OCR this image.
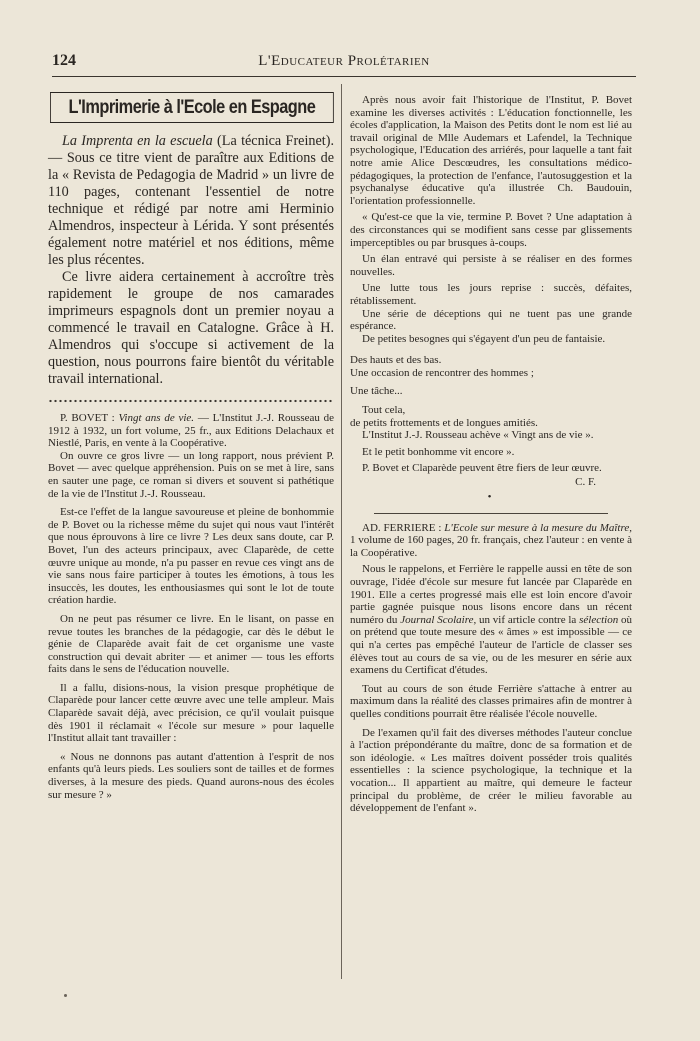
124	L'Educateur Prolétarien
L'Imprimerie à l'Ecole en Espagne

La Imprenta en la escuela (La técnica Freinet). — Sous ce titre vient de paraître aux Editions de la « Revista de Pedagogia de Madrid » un livre de 110 pages, contenant l'essentiel de notre technique et rédigé par notre ami Herminio Almendros, inspecteur à Lérida. Y sont présentés également notre matériel et nos éditions, même les plus récentes.

Ce livre aidera certainement à accroître très rapidement le groupe de nos camarades imprimeurs espagnols dont un premier noyau a commencé le travail en Catalogne. Grâce à H. Almendros qui s'occupe si activement de la question, nous pourrons faire bientôt du véritable travail international.

P. BOVET : Vingt ans de vie. — L'Institut J.-J. Rousseau de 1912 à 1932, un fort volume, 25 fr., aux Editions Delachaux et Niestlé, Paris, en vente à la Coopérative.

On ouvre ce gros livre — un long rapport, nous prévient P. Bovet — avec quelque appréhension. Puis on se met à lire, sans en sauter une page, ce roman si divers et souvent si pathétique de la vie de l'Institut J.-J. Rousseau.

Est-ce l'effet de la langue savoureuse et pleine de bonhommie de P. Bovet ou la richesse même du sujet qui nous vaut l'intérêt que nous éprouvons à lire ce livre ? Les deux sans doute, car P. Bovet, l'un des acteurs principaux, avec Claparède, de cette œuvre unique au monde, n'a pu passer en revue ces vingt ans de vie sans nous faire participer à toutes les émotions, à tous les insuccès, les doutes, les enthousiasmes qui sont le lot de toute création hardie.

On ne peut pas résumer ce livre. En le lisant, on passe en revue toutes les branches de la pédagogie, car dès le début le génie de Claparède avait fait de cet organisme une vaste construction qui devait abriter — et animer — tous les efforts faits dans le sens de l'éducation nouvelle.

Il a fallu, disions-nous, la vision presque prophétique de Claparède pour lancer cette œuvre avec une telle ampleur. Mais Claparède savait déjà, avec précision, ce qu'il voulait puisque dès 1901 il réclamait « l'école sur mesure » pour laquelle l'Institut allait tant travailler :

« Nous ne donnons pas autant d'attention à l'esprit de nos enfants qu'à leurs pieds. Les souliers sont de tailles et de formes diverses, à la mesure des pieds. Quand aurons-nous des écoles sur mesure ? »

Après nous avoir fait l'historique de l'Institut, P. Bovet examine les diverses activités : L'éducation fonctionnelle, les écoles d'application, la Maison des Petits dont le nom est lié au travail original de Mlle Audemars et Lafendel, la Technique psychologique, l'Education des arriérés, pour laquelle a tant fait notre amie Alice Descœudres, les consultations médico-pédagogiques, la protection de l'enfance, l'autosuggestion et la psychanalyse éducative qu'a illustrée Ch. Baudouin, l'orientation professionnelle.

« Qu'est-ce que la vie, termine P. Bovet ? Une adaptation à des circonstances qui se modifient sans cesse par glissements imperceptibles ou par brusques à-coups.

Un élan entravé qui persiste à se réaliser en des formes nouvelles.

Une lutte tous les jours reprise : succès, défaites, rétablissement.

Une série de déceptions qui ne tuent pas une grande espérance.

De petites besognes qui s'égayent d'un peu de fantaisie.

Des hauts et des bas.

Une occasion de rencontrer des hommes ;

Une tâche...

Tout cela,

de petits frottements et de longues amitiés.

L'Institut J.-J. Rousseau achève « Vingt ans de vie ».

Et le petit bonhomme vit encore ».

P. Bovet et Claparède peuvent être fiers de leur œuvre.

C. F.

•

AD. FERRIERE : L'Ecole sur mesure à la mesure du Maître, 1 volume de 160 pages, 20 fr. français, chez l'auteur : en vente à la Coopérative.

Nous le rappelons, et Ferrière le rappelle aussi en tête de son ouvrage, l'idée d'école sur mesure fut lancée par Claparède en 1901. Elle a certes progressé mais elle est loin encore d'avoir partie gagnée puisque nous lisons encore dans un récent numéro du Journal Scolaire, un vif article contre la sélection où on prétend que toute mesure des « âmes » est impossible — ce qui n'a certes pas empêché l'auteur de l'article de classer ses élèves tout au cours de sa vie, ou de les mesurer en série aux examens du Certificat d'études.

Tout au cours de son étude Ferrière s'attache à entrer au maximum dans la réalité des classes primaires afin de montrer à quelles conditions pourrait être réalisée l'école nouvelle.

De l'examen qu'il fait des diverses méthodes l'auteur conclue à l'action prépondérante du maître, donc de sa formation et de son idéologie. « Les maîtres doivent posséder trois qualités essentielles : la science psychologique, la technique et la vocation... Il appartient au maître, qui demeure le facteur principal du problème, de créer le milieu favorable au développement de l'enfant ».
